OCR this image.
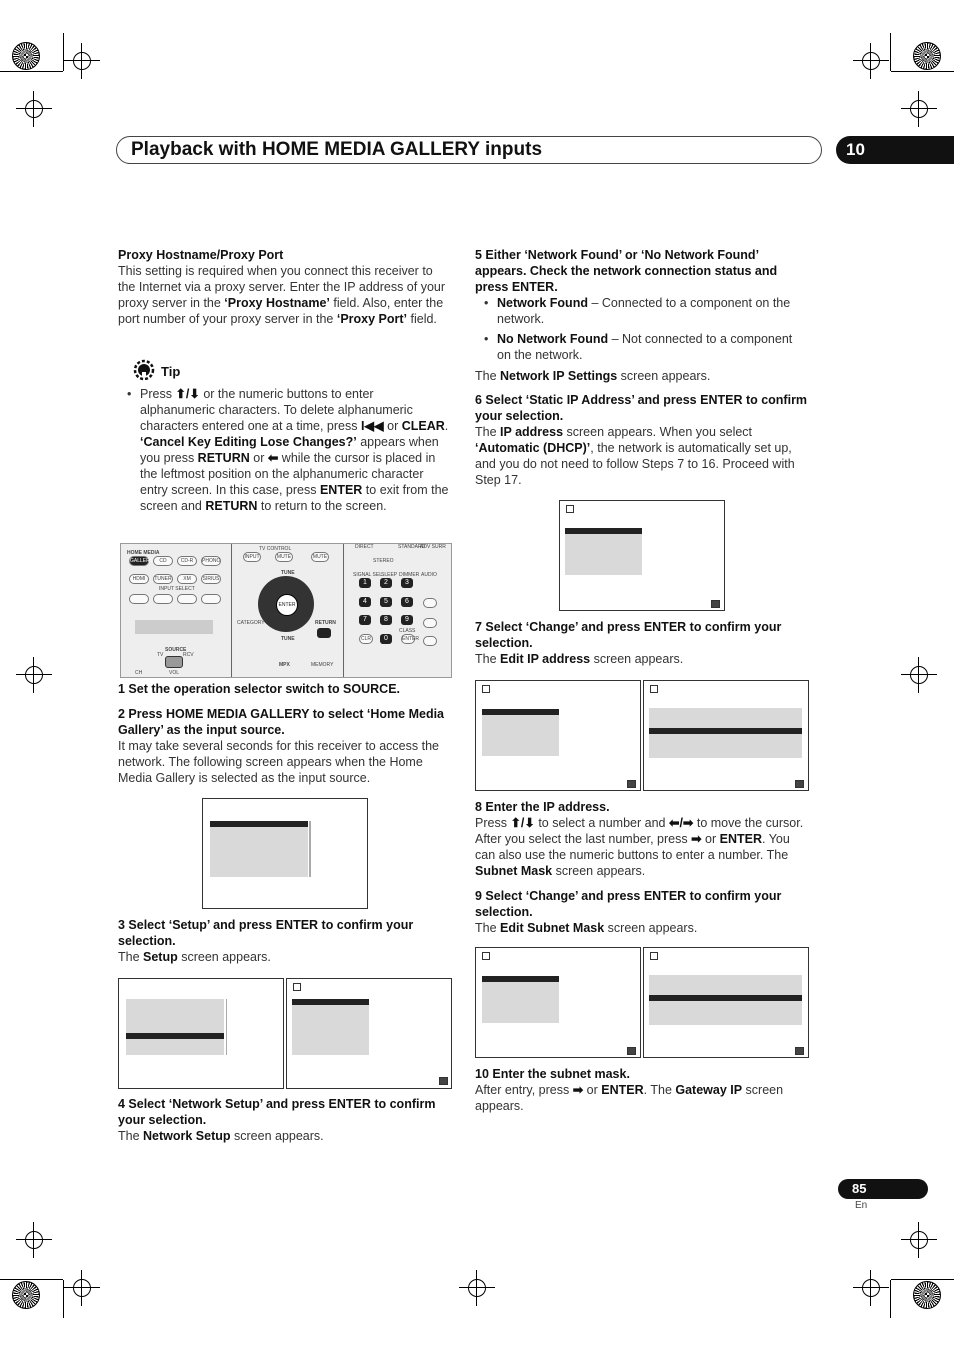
Playback with HOME MEDIA GALLERY inputs	10

Proxy Hostname/Proxy Port

This setting is required when you connect this receiver to the Internet via a proxy server. Enter the IP address of your proxy server in the ‘Proxy Hostname’ field. Also, enter the port number of your proxy server in the ‘Proxy Port’ field.

Tip

• Press ⬆/⬇ or the numeric buttons to enter alphanumeric characters. To delete alphanumeric characters entered one at a time, press I◀◀ or CLEAR. ‘Cancel Key Editing Lose Changes?’ appears when you press RETURN or ⬅ while the cursor is placed in the leftmost position on the alphanumeric character entry screen. In this case, press ENTER to exit from the screen and RETURN to return to the screen.

HOME MEDIA
GALLERY	CD	CD-R	PHONO
HDMI	TUNER	XM	SIRIUS
INPUT SELECT
SOURCE
TV	RCV
CH	VOL
TV CONTROL
INPUT	MUTE	MUTE
TUNE
ENTER
CATEGORY
TUNE
RETURN
MPX	MEMORY
DIRECT	STANDARD
ADV SURR
STEREO
SIGNAL SEL SLEEP DIMMER AUDIO
1	2	3
4	5	6
7	8	9
0
CLR
CLASS
ENTER

1 Set the operation selector switch to SOURCE.

2 Press HOME MEDIA GALLERY to select ‘Home Media Gallery’ as the input source.

It may take several seconds for this receiver to access the network. The following screen appears when the Home Media Gallery is selected as the input source.

3 Select ‘Setup’ and press ENTER to confirm your selection.

The Setup screen appears.

4 Select ‘Network Setup’ and press ENTER to confirm your selection.

The Network Setup screen appears.

5 Either ‘Network Found’ or ‘No Network Found’ appears. Check the network connection status and press ENTER.

• Network Found – Connected to a component on the network.

• No Network Found – Not connected to a component on the network.

The Network IP Settings screen appears.

6 Select ‘Static IP Address’ and press ENTER to confirm your selection.

The IP address screen appears. When you select ‘Automatic (DHCP)’, the network is automatically set up, and you do not need to follow Steps 7 to 16. Proceed with Step 17.

7 Select ‘Change’ and press ENTER to confirm your selection.

The Edit IP address screen appears.

8 Enter the IP address.

Press ⬆/⬇ to select a number and ⬅/➡ to move the cursor. After you select the last number, press ➡ or ENTER. You can also use the numeric buttons to enter a number. The Subnet Mask screen appears.

9 Select ‘Change’ and press ENTER to confirm your selection.

The Edit Subnet Mask screen appears.

10 Enter the subnet mask.

After entry, press ➡ or ENTER. The Gateway IP screen appears.

85
En
